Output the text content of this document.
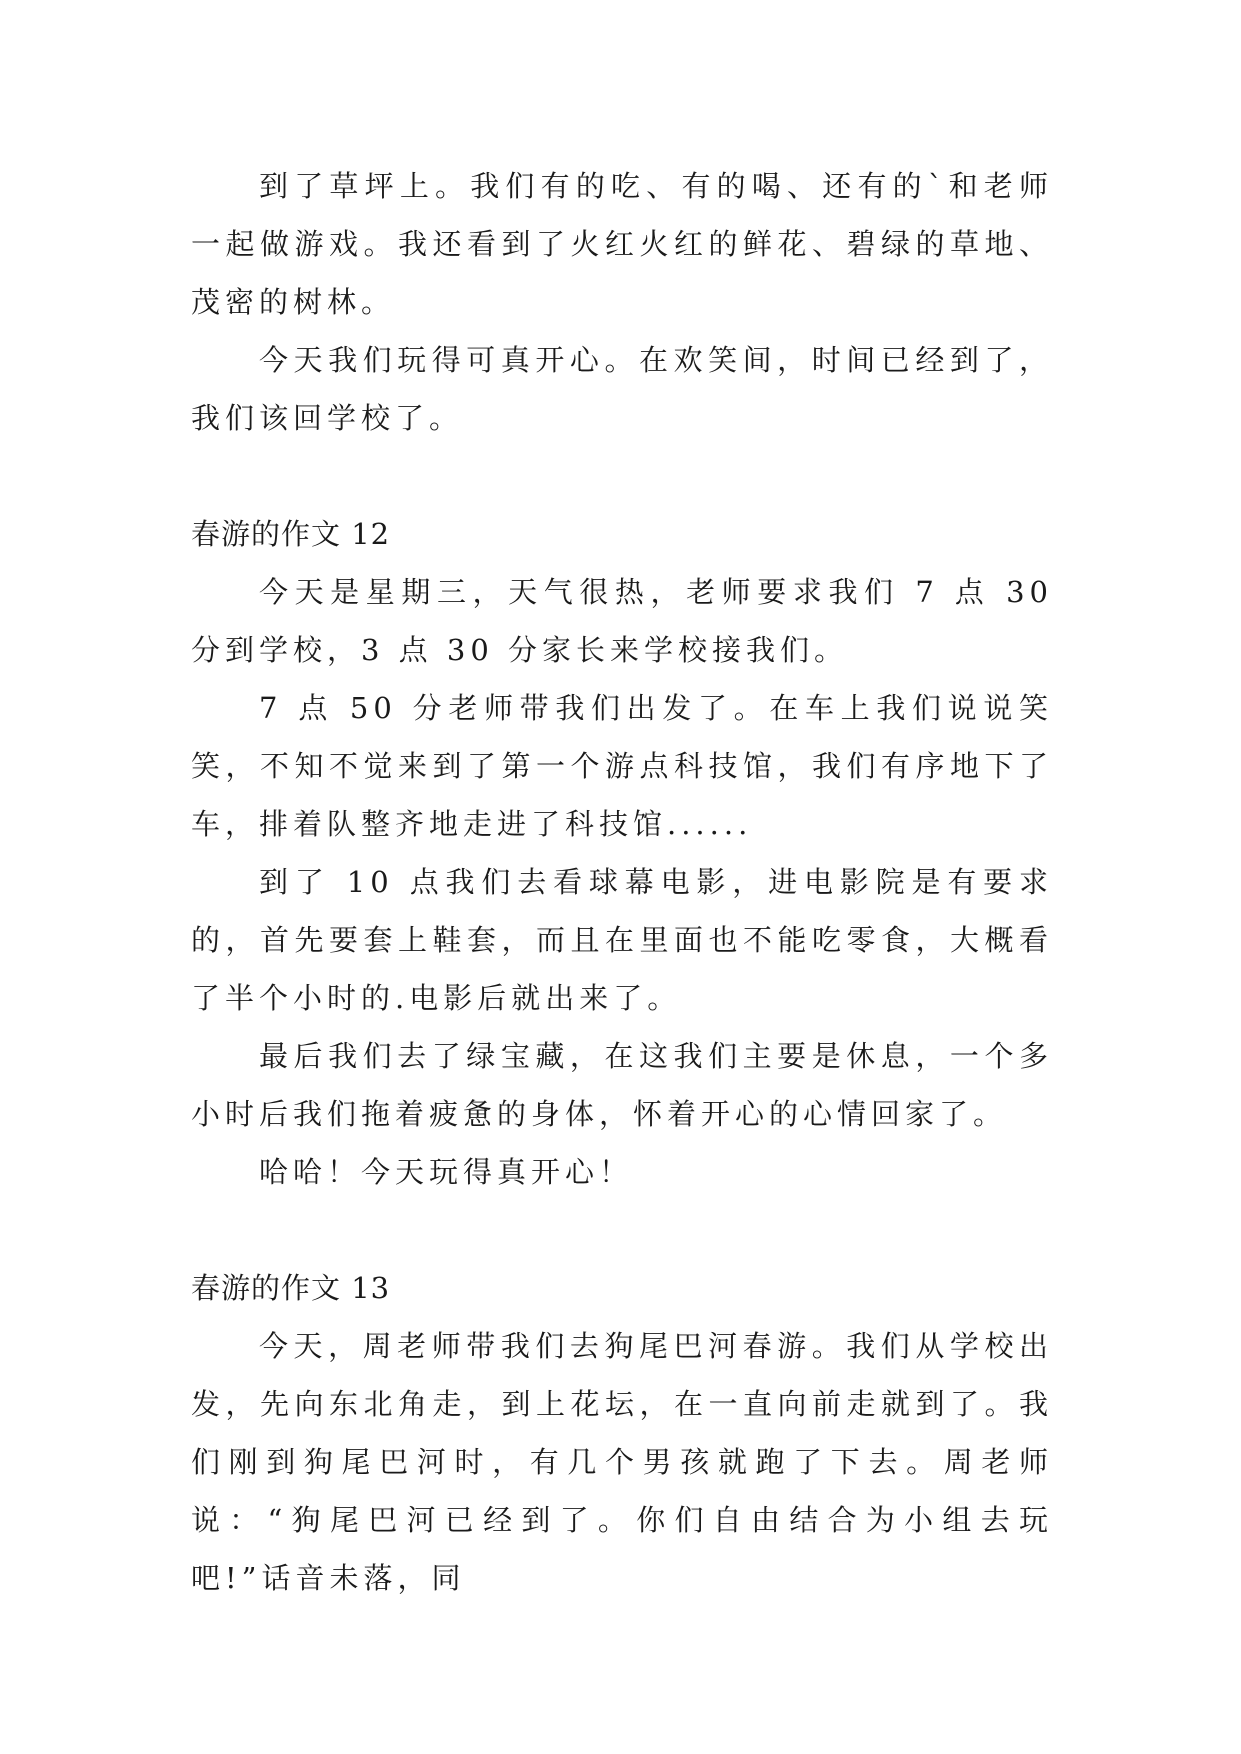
到了草坪上。我们有的吃、有的喝、还有的`和老师一起做游戏。我还看到了火红火红的鲜花、碧绿的草地、茂密的树林。

今天我们玩得可真开心。在欢笑间，时间已经到了，我们该回学校了。

春游的作文 12

今天是星期三，天气很热，老师要求我们 7 点 30 分到学校，3 点 30 分家长来学校接我们。

7 点 50 分老师带我们出发了。在车上我们说说笑笑，不知不觉来到了第一个游点科技馆，我们有序地下了车，排着队整齐地走进了科技馆......

到了 10 点我们去看球幕电影，进电影院是有要求的，首先要套上鞋套，而且在里面也不能吃零食，大概看了半个小时的.电影后就出来了。

最后我们去了绿宝藏，在这我们主要是休息，一个多小时后我们拖着疲惫的身体，怀着开心的心情回家了。

哈哈！今天玩得真开心！

春游的作文 13

今天，周老师带我们去狗尾巴河春游。我们从学校出发，先向东北角走，到上花坛，在一直向前走就到了。我们刚到狗尾巴河时，有几个男孩就跑了下去。周老师说：“狗尾巴河已经到了。你们自由结合为小组去玩吧!”话音未落，同
